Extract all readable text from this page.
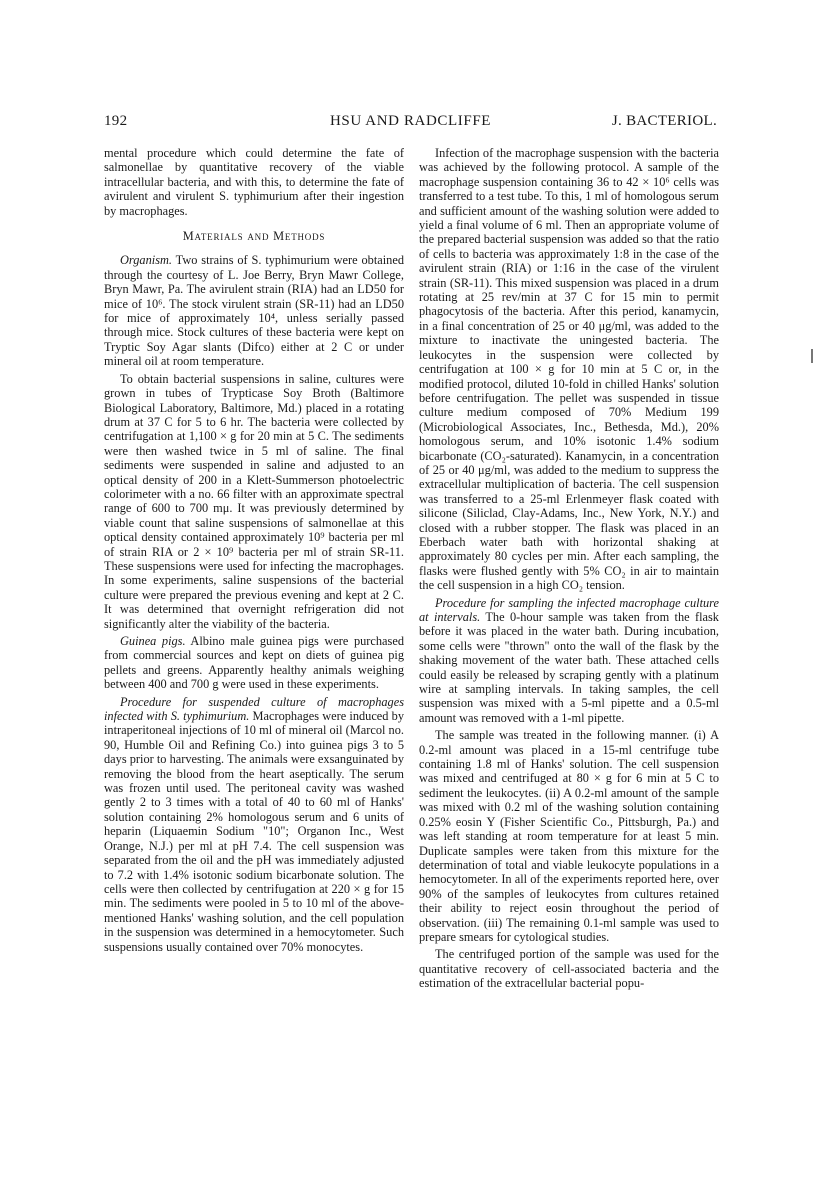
192	HSU AND RADCLIFFE	J. BACTERIOL.

mental procedure which could determine the fate of salmonellae by quantitative recovery of the viable intracellular bacteria, and with this, to determine the fate of avirulent and virulent S. typhimurium after their ingestion by macrophages.

Materials and Methods

Organism. Two strains of S. typhimurium were obtained through the courtesy of L. Joe Berry, Bryn Mawr College, Bryn Mawr, Pa. The avirulent strain (RIA) had an LD50 for mice of 10⁶. The stock virulent strain (SR-11) had an LD50 for mice of approximately 10⁴, unless serially passed through mice. Stock cultures of these bacteria were kept on Tryptic Soy Agar slants (Difco) either at 2 C or under mineral oil at room temperature.

To obtain bacterial suspensions in saline, cultures were grown in tubes of Trypticase Soy Broth (Baltimore Biological Laboratory, Baltimore, Md.) placed in a rotating drum at 37 C for 5 to 6 hr. The bacteria were collected by centrifugation at 1,100 × g for 20 min at 5 C. The sediments were then washed twice in 5 ml of saline. The final sediments were suspended in saline and adjusted to an optical density of 200 in a Klett-Summerson photoelectric colorimeter with a no. 66 filter with an approximate spectral range of 600 to 700 mμ. It was previously determined by viable count that saline suspensions of salmonellae at this optical density contained approximately 10⁹ bacteria per ml of strain RIA or 2 × 10⁹ bacteria per ml of strain SR-11. These suspensions were used for infecting the macrophages. In some experiments, saline suspensions of the bacterial culture were prepared the previous evening and kept at 2 C. It was determined that overnight refrigeration did not significantly alter the viability of the bacteria.

Guinea pigs. Albino male guinea pigs were purchased from commercial sources and kept on diets of guinea pig pellets and greens. Apparently healthy animals weighing between 400 and 700 g were used in these experiments.

Procedure for suspended culture of macrophages infected with S. typhimurium. Macrophages were induced by intraperitoneal injections of 10 ml of mineral oil (Marcol no. 90, Humble Oil and Refining Co.) into guinea pigs 3 to 5 days prior to harvesting. The animals were exsanguinated by removing the blood from the heart aseptically. The serum was frozen until used. The peritoneal cavity was washed gently 2 to 3 times with a total of 40 to 60 ml of Hanks' solution containing 2% homologous serum and 6 units of heparin (Liquaemin Sodium "10"; Organon Inc., West Orange, N.J.) per ml at pH 7.4. The cell suspension was separated from the oil and the pH was immediately adjusted to 7.2 with 1.4% isotonic sodium bicarbonate solution. The cells were then collected by centrifugation at 220 × g for 15 min. The sediments were pooled in 5 to 10 ml of the above-mentioned Hanks' washing solution, and the cell population in the suspension was determined in a hemocytometer. Such suspensions usually contained over 70% monocytes.

Infection of the macrophage suspension with the bacteria was achieved by the following protocol. A sample of the macrophage suspension containing 36 to 42 × 10⁶ cells was transferred to a test tube. To this, 1 ml of homologous serum and sufficient amount of the washing solution were added to yield a final volume of 6 ml. Then an appropriate volume of the prepared bacterial suspension was added so that the ratio of cells to bacteria was approximately 1:8 in the case of the avirulent strain (RIA) or 1:16 in the case of the virulent strain (SR-11). This mixed suspension was placed in a drum rotating at 25 rev/min at 37 C for 15 min to permit phagocytosis of the bacteria. After this period, kanamycin, in a final concentration of 25 or 40 μg/ml, was added to the mixture to inactivate the uningested bacteria. The leukocytes in the suspension were collected by centrifugation at 100 × g for 10 min at 5 C or, in the modified protocol, diluted 10-fold in chilled Hanks' solution before centrifugation. The pellet was suspended in tissue culture medium composed of 70% Medium 199 (Microbiological Associates, Inc., Bethesda, Md.), 20% homologous serum, and 10% isotonic 1.4% sodium bicarbonate (CO₂-saturated). Kanamycin, in a concentration of 25 or 40 μg/ml, was added to the medium to suppress the extracellular multiplication of bacteria. The cell suspension was transferred to a 25-ml Erlenmeyer flask coated with silicone (Siliclad, Clay-Adams, Inc., New York, N.Y.) and closed with a rubber stopper. The flask was placed in an Eberbach water bath with horizontal shaking at approximately 80 cycles per min. After each sampling, the flasks were flushed gently with 5% CO₂ in air to maintain the cell suspension in a high CO₂ tension.

Procedure for sampling the infected macrophage culture at intervals. The 0-hour sample was taken from the flask before it was placed in the water bath. During incubation, some cells were "thrown" onto the wall of the flask by the shaking movement of the water bath. These attached cells could easily be released by scraping gently with a platinum wire at sampling intervals. In taking samples, the cell suspension was mixed with a 5-ml pipette and a 0.5-ml amount was removed with a 1-ml pipette.

The sample was treated in the following manner. (i) A 0.2-ml amount was placed in a 15-ml centrifuge tube containing 1.8 ml of Hanks' solution. The cell suspension was mixed and centrifuged at 80 × g for 6 min at 5 C to sediment the leukocytes. (ii) A 0.2-ml amount of the sample was mixed with 0.2 ml of the washing solution containing 0.25% eosin Y (Fisher Scientific Co., Pittsburgh, Pa.) and was left standing at room temperature for at least 5 min. Duplicate samples were taken from this mixture for the determination of total and viable leukocyte populations in a hemocytometer. In all of the experiments reported here, over 90% of the samples of leukocytes from cultures retained their ability to reject eosin throughout the period of observation. (iii) The remaining 0.1-ml sample was used to prepare smears for cytological studies.

The centrifuged portion of the sample was used for the quantitative recovery of cell-associated bacteria and the estimation of the extracellular bacterial popu-
